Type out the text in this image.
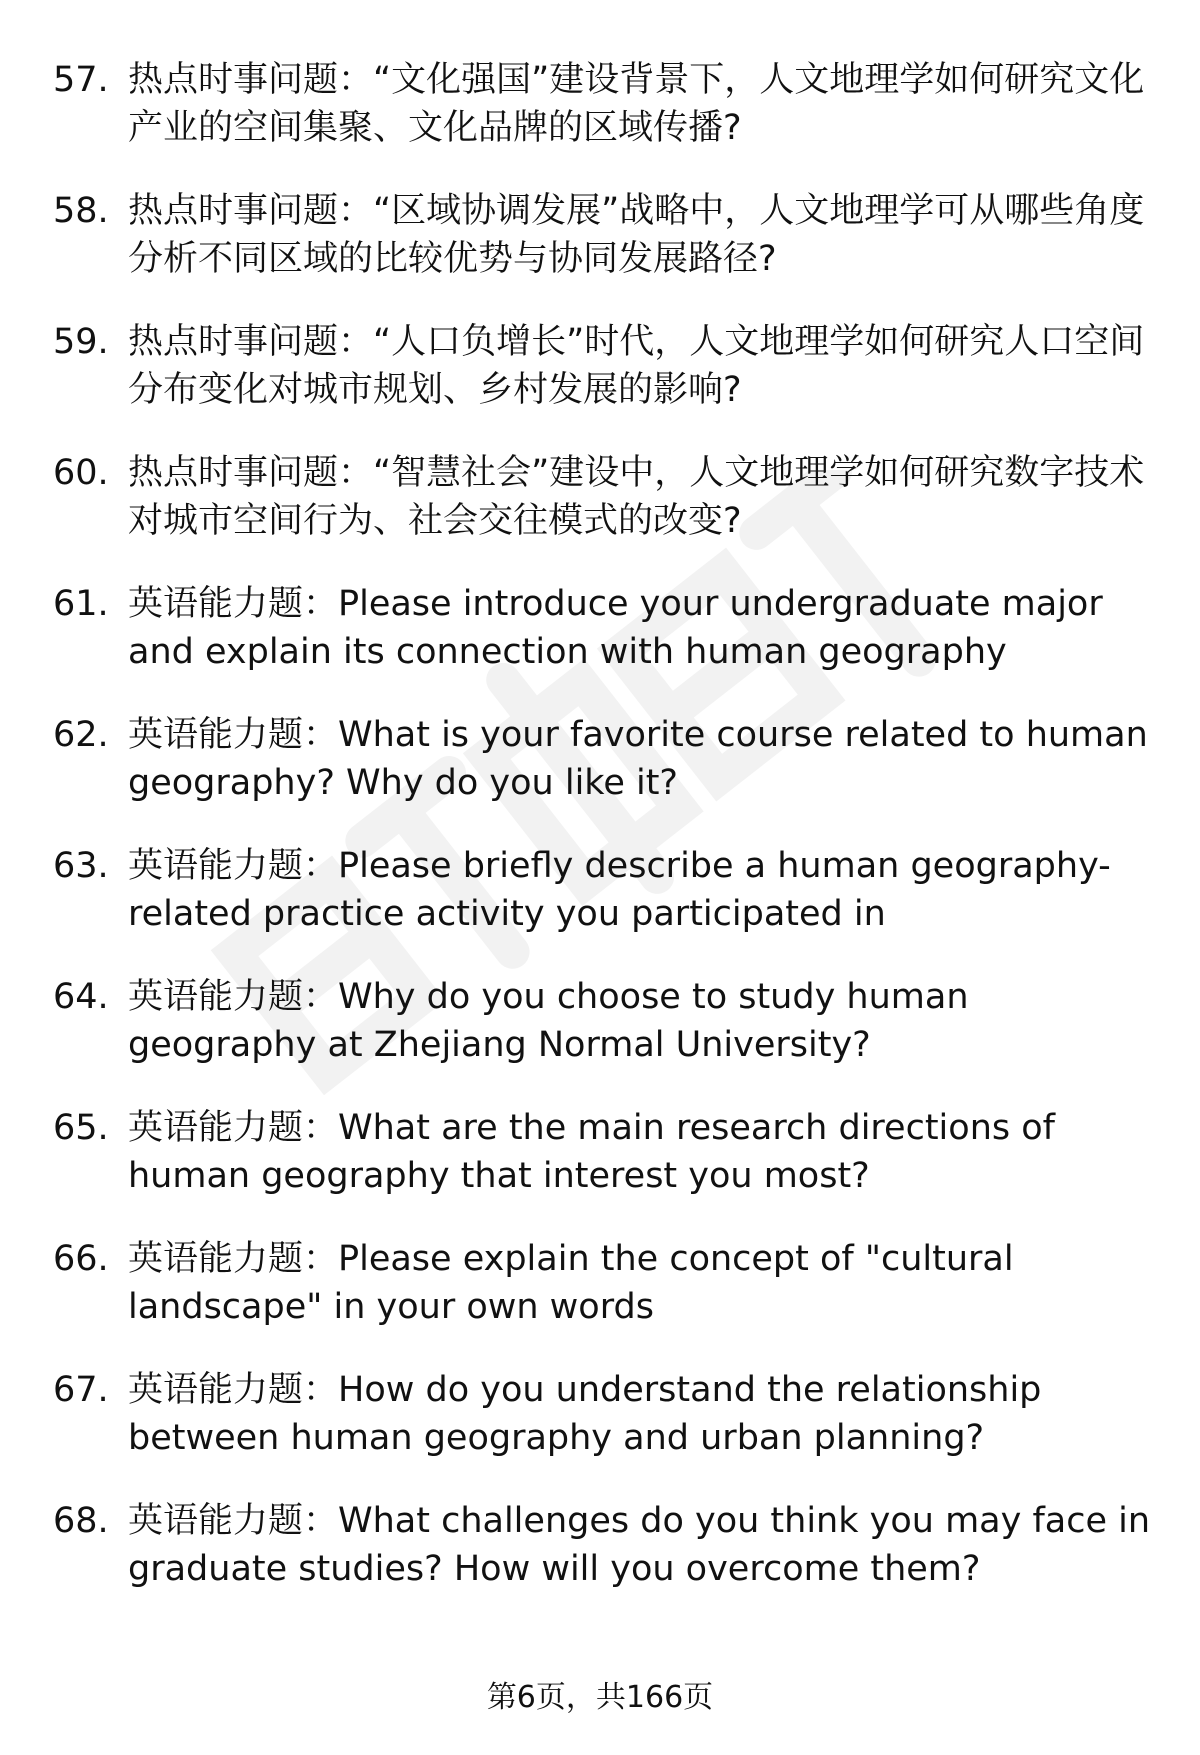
57. 热点时事问题：“文化强国”建设背景下，人文地理学如何研究文化产业的空间集聚、文化品牌的区域传播?
58. 热点时事问题：“区域协调发展”战略中，人文地理学可从哪些角度分析不同区域的比较优势与协同发展路径?
59. 热点时事问题：“人口负增长”时代，人文地理学如何研究人口空间分布变化对城市规划、乡村发展的影响?
60. 热点时事问题：“智慧社会”建设中，人文地理学如何研究数字技术对城市空间行为、社会交往模式的改变?
61. 英语能力题：Please introduce your undergraduate major and explain its connection with human geography
62. 英语能力题：What is your favorite course related to human geography? Why do you like it?
63. 英语能力题：Please briefly describe a human geography-related practice activity you participated in
64. 英语能力题：Why do you choose to study human geography at Zhejiang Normal University?
65. 英语能力题：What are the main research directions of human geography that interest you most?
66. 英语能力题：Please explain the concept of "cultural landscape" in your own words
67. 英语能力题：How do you understand the relationship between human geography and urban planning?
68. 英语能力题：What challenges do you think you may face in graduate studies? How will you overcome them?
第6页，共166页
